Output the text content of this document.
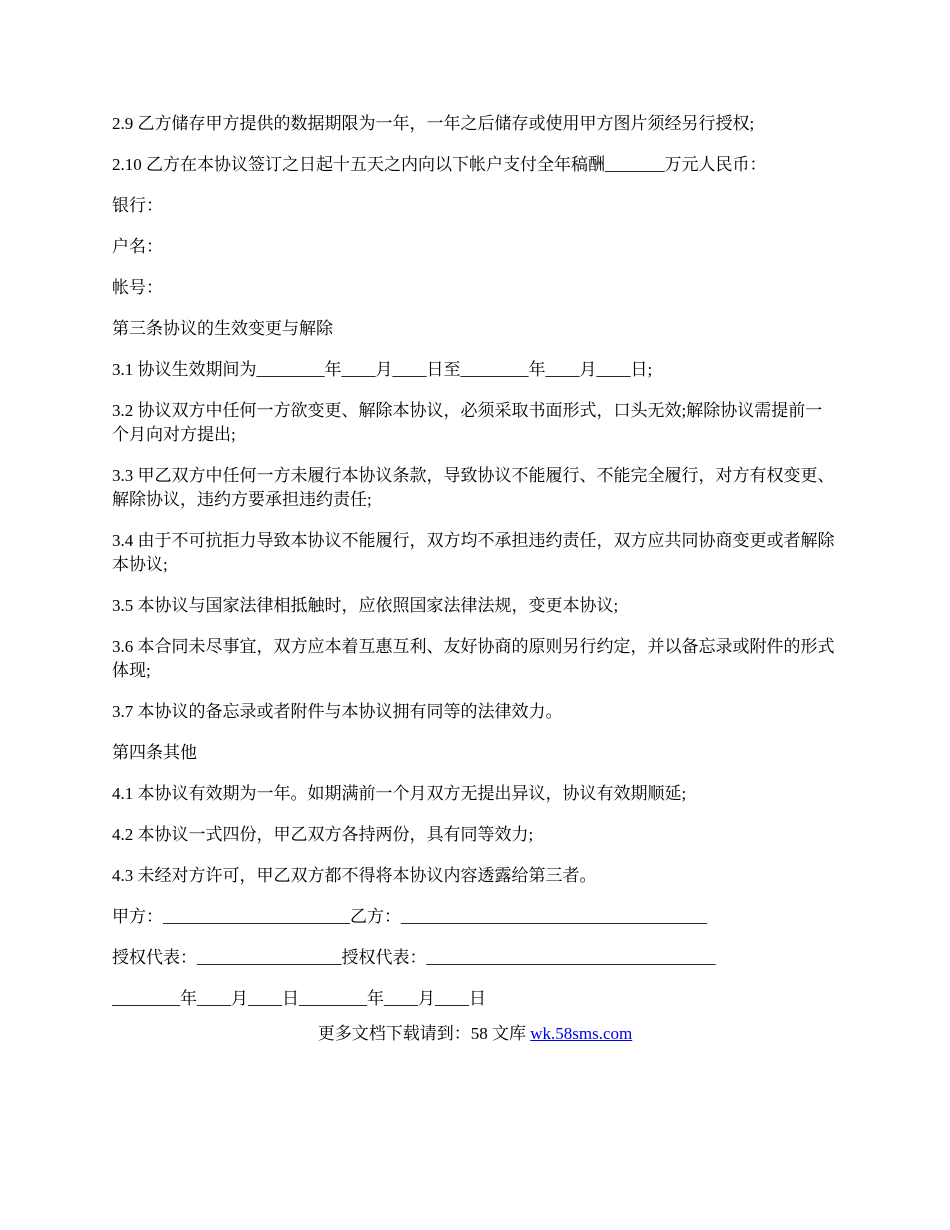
2.9 乙方储存甲方提供的数据期限为一年，一年之后储存或使用甲方图片须经另行授权;

2.10 乙方在本协议签订之日起十五天之内向以下帐户支付全年稿酬_______万元人民币：

银行：

户名：

帐号：

第三条协议的生效变更与解除

3.1 协议生效期间为________年____月____日至________年____月____日;

3.2 协议双方中任何一方欲变更、解除本协议，必须采取书面形式，口头无效;解除协议需提前一个月向对方提出;

3.3 甲乙双方中任何一方未履行本协议条款，导致协议不能履行、不能完全履行，对方有权变更、解除协议，违约方要承担违约责任;

3.4 由于不可抗拒力导致本协议不能履行，双方均不承担违约责任，双方应共同协商变更或者解除本协议;

3.5 本协议与国家法律相抵触时，应依照国家法律法规，变更本协议;

3.6 本合同未尽事宜，双方应本着互惠互利、友好协商的原则另行约定，并以备忘录或附件的形式体现;

3.7 本协议的备忘录或者附件与本协议拥有同等的法律效力。

第四条其他

4.1 本协议有效期为一年。如期满前一个月双方无提出异议，协议有效期顺延;

4.2 本协议一式四份，甲乙双方各持两份，具有同等效力;

4.3 未经对方许可，甲乙双方都不得将本协议内容透露给第三者。

甲方：______________________乙方：____________________________________

授权代表：_________________授权代表：__________________________________

________年____月____日________年____月____日

更多文档下载请到：58 文库 wk.58sms.com
